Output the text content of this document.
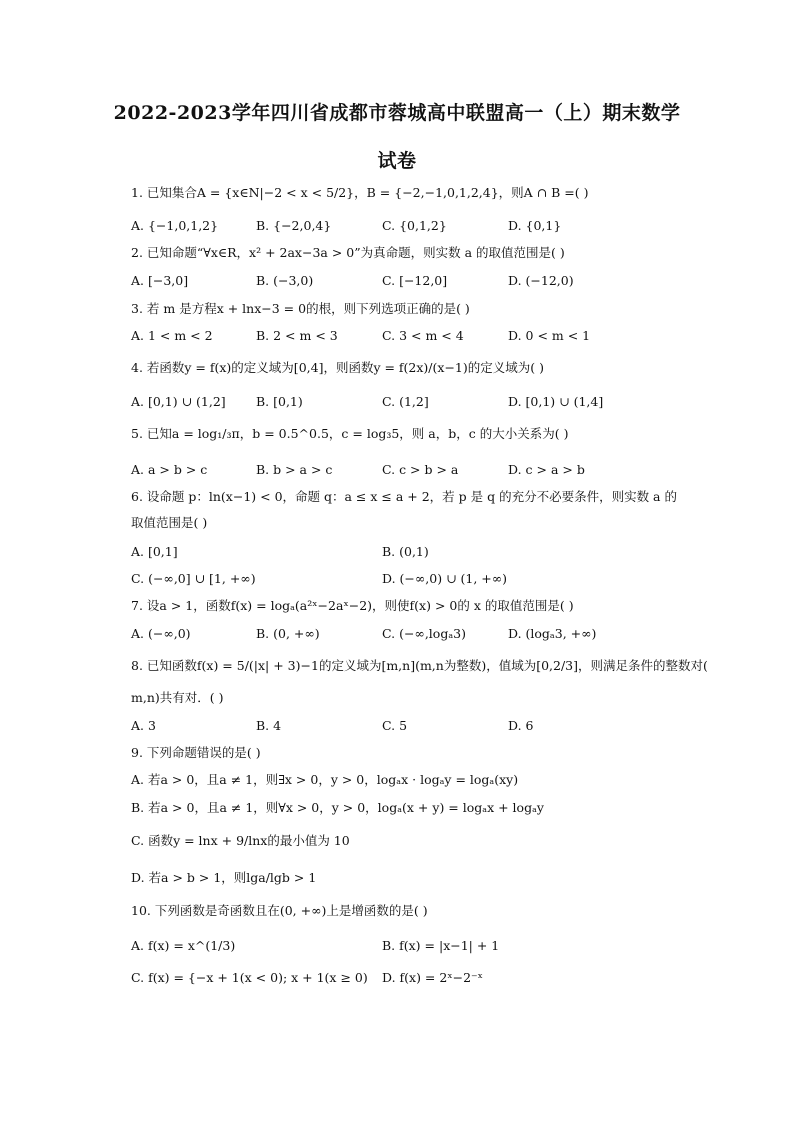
2022-2023学年四川省成都市蓉城高中联盟高一（上）期末数学
试卷
1. 已知集合A = {x∈N|−2 < x < 5/2}，B = {−2,−1,0,1,2,4}，则A ∩ B =( )
A. {−1,0,1,2}	B. {−2,0,4}	C. {0,1,2}	D. {0,1}
2. 已知命题“∀x∈R，x² + 2ax−3a > 0”为真命题，则实数 a 的取值范围是( )
A. [−3,0]	B. (−3,0)	C. [−12,0]	D. (−12,0)
3. 若 m 是方程x + lnx−3 = 0的根，则下列选项正确的是( )
A. 1 < m < 2	B. 2 < m < 3	C. 3 < m < 4	D. 0 < m < 1
4. 若函数y = f(x)的定义域为[0,4]，则函数y = f(2x)/(x−1)的定义域为( )
A. [0,1) ∪ (1,2] B. [0,1)	C. (1,2]	D. [0,1) ∪ (1,4]
5. 已知a = log₁/₃π，b = 0.5^0.5，c = log₃5，则 a，b，c 的大小关系为( )
A. a > b > c	B. b > a > c	C. c > b > a	D. c > a > b
6. 设命题 p：ln(x−1) < 0，命题 q：a ≤ x ≤ a + 2，若 p 是 q 的充分不必要条件，则实数 a 的
取值范围是( )
A. [0,1]	B. (0,1)
C. (−∞,0] ∪ [1, +∞)	D. (−∞,0) ∪ (1, +∞)
7. 设a > 1，函数f(x) = logₐ(a²ˣ−2aˣ−2)，则使f(x) > 0的 x 的取值范围是( )
A. (−∞,0)	B. (0, +∞)	C. (−∞,logₐ3)	D. (logₐ3, +∞)
8. 已知函数f(x) = 5/(|x| + 3)−1的定义域为[m,n](m,n为整数)，值域为[0,2/3]，则满足条件的整数对(
m,n)共有对．( )
A. 3	B. 4	C. 5	D. 6
9. 下列命题错误的是( )
A. 若a > 0，且a ≠ 1，则∃x > 0，y > 0，logₐx · logₐy = logₐ(xy)
B. 若a > 0，且a ≠ 1，则∀x > 0，y > 0，logₐ(x + y) = logₐx + logₐy
C. 函数y = lnx + 9/lnx的最小值为 10
D. 若a > b > 1，则lga/lgb > 1
10. 下列函数是奇函数且在(0, +∞)上是增函数的是( )
A. f(x) = x^(1/3)	B. f(x) = |x−1| + 1
C. f(x) = {−x + 1(x < 0); x + 1(x ≥ 0) D. f(x) = 2ˣ−2⁻ˣ
